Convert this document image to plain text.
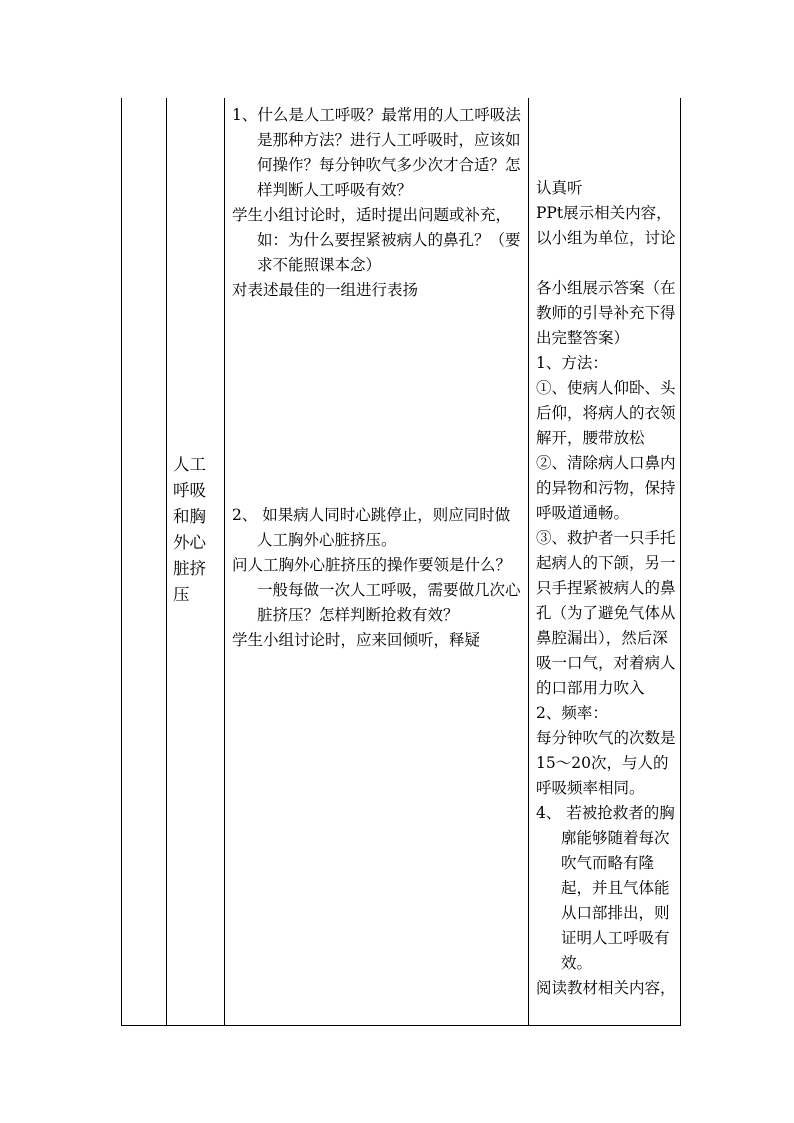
人工
呼吸
和胸
外心
脏挤
压

1、什么是人工呼吸？最常用的人工呼吸法是那种方法？进行人工呼吸时，应该如何操作？每分钟吹气多少次才合适？怎样判断人工呼吸有效？

学生小组讨论时，适时提出问题或补充，如：为什么要捏紧被病人的鼻孔？（要求不能照课本念）

对表述最佳的一组进行表扬

2、 如果病人同时心跳停止，则应同时做人工胸外心脏挤压。

问人工胸外心脏挤压的操作要领是什么？一般每做一次人工呼吸，需要做几次心脏挤压？怎样判断抢救有效？

学生小组讨论时，应来回倾听，释疑

认真听

PPt展示相关内容，以小组为单位，讨论

各小组展示答案（在教师的引导补充下得出完整答案）

1、方法：

①、使病人仰卧、头后仰，将病人的衣领解开，腰带放松

②、清除病人口鼻内的异物和污物，保持呼吸道通畅。

③、救护者一只手托起病人的下颌，另一只手捏紧被病人的鼻孔（为了避免气体从鼻腔漏出），然后深吸一口气，对着病人的口部用力吹入

2、频率：

每分钟吹气的次数是15～20次，与人的呼吸频率相同。

4、 若被抢救者的胸廓能够随着每次吹气而略有隆起，并且气体能从口部排出，则证明人工呼吸有效。

阅读教材相关内容，
